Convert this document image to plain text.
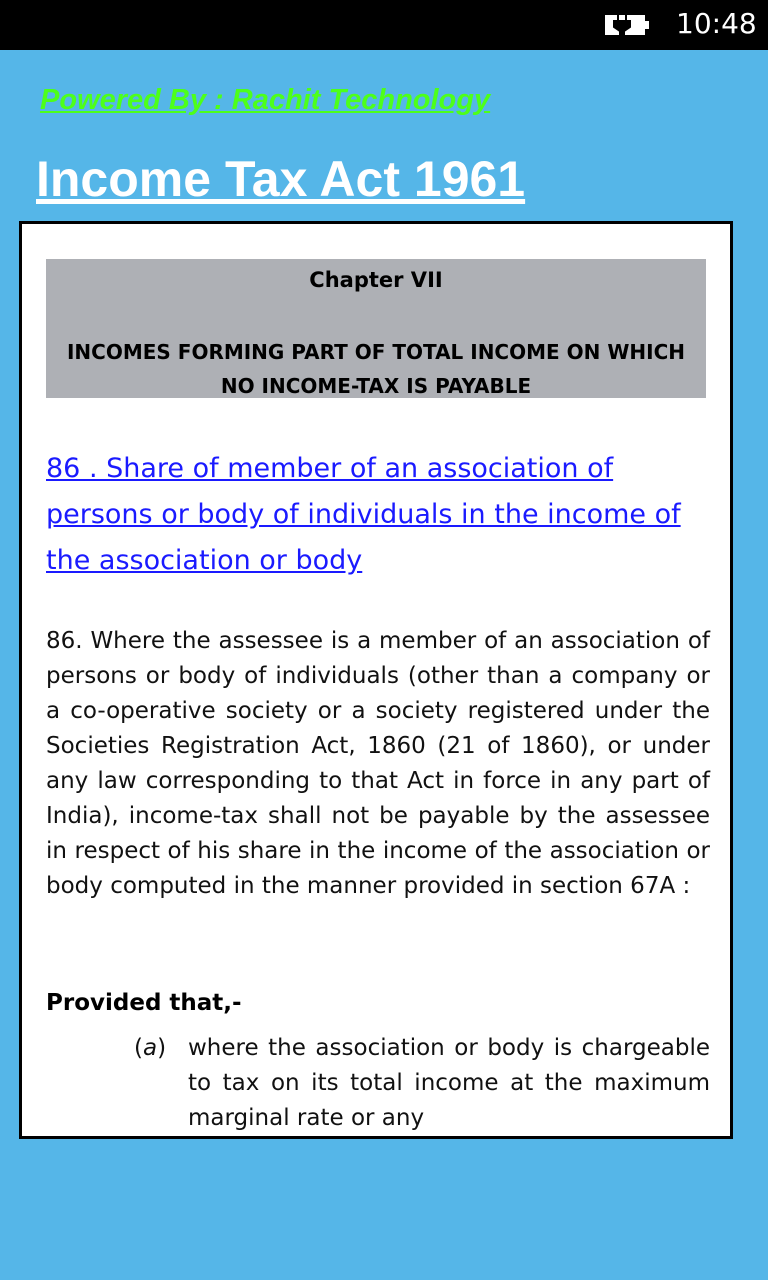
10:48
Powered By : Rachit Technology
Income Tax Act 1961
Chapter VII
INCOMES FORMING PART OF TOTAL INCOME ON WHICH NO INCOME-TAX IS PAYABLE
86 . Share of member of an association of persons or body of individuals in the income of the association or body
86. Where the assessee is a member of an association of persons or body of individuals (other than a company or a co-operative society or a society registered under the Societies Registration Act, 1860 (21 of 1860), or under any law corresponding to that Act in force in any part of India), income-tax shall not be payable by the assessee in respect of his share in the income of the association or body computed in the manner provided in section 67A :
Provided that,-
(a) where the association or body is chargeable to tax on its total income at the maximum marginal rate or any
